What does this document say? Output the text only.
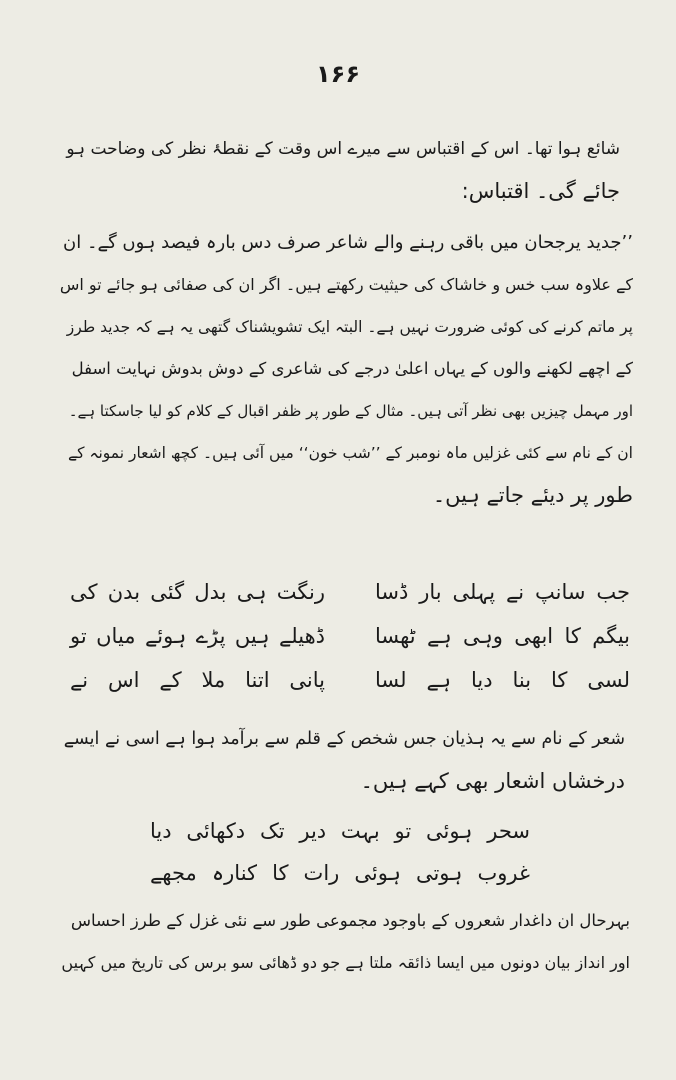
۱۶۶
شائع ہوا تھا۔ اس کے اقتباس سے میرے اس وقت کے نقطۂ نظر کی وضاحت ہو
جائے گی۔ اقتباس:
’’جدید یرجحان میں باقی رہنے والے شاعر صرف دس بارہ فیصد ہوں گے۔ ان
کے علاوہ سب خس و خاشاک کی حیثیت رکھتے ہیں۔ اگر ان کی صفائی ہو جائے تو اس
پر ماتم کرنے کی کوئی ضرورت نہیں ہے۔ البتہ ایک تشویشناک گتھی یہ ہے کہ جدید طرز
کے اچھے لکھنے والوں کے یہاں اعلیٰ درجے کی شاعری کے دوش بدوش نہایت اسفل
اور مہمل چیزیں بھی نظر آتی ہیں۔ مثال کے طور پر ظفر اقبال کے کلام کو لیا جاسکتا ہے۔
ان کے نام سے کئی غزلیں ماہ نومبر کے ’’شب خون‘‘ میں آئی ہیں۔ کچھ اشعار نمونہ کے
طور پر دیئے جاتے ہیں۔
جب سانپ نے پہلی بار ڈسا
رنگت ہی بدل گئی بدن کی
بیگم کا ابھی وہی ہے ٹھسا
ڈھیلے ہیں پڑے ہوئے میاں تو
لسی کا بنا دیا ہے لسا
پانی اتنا ملا کے اس نے
شعر کے نام سے یہ ہذیان جس شخص کے قلم سے برآمد ہوا ہے اسی نے ایسے
درخشاں اشعار بھی کہے ہیں۔
سحر ہوئی تو بہت دیر تک دکھائی دیا
غروب ہوتی ہوئی رات کا کنارہ مجھے
بہرحال ان داغدار شعروں کے باوجود مجموعی طور سے نئی غزل کے طرز احساس
اور انداز بیان دونوں میں ایسا ذائقہ ملتا ہے جو دو ڈھائی سو برس کی تاریخ میں کہیں
